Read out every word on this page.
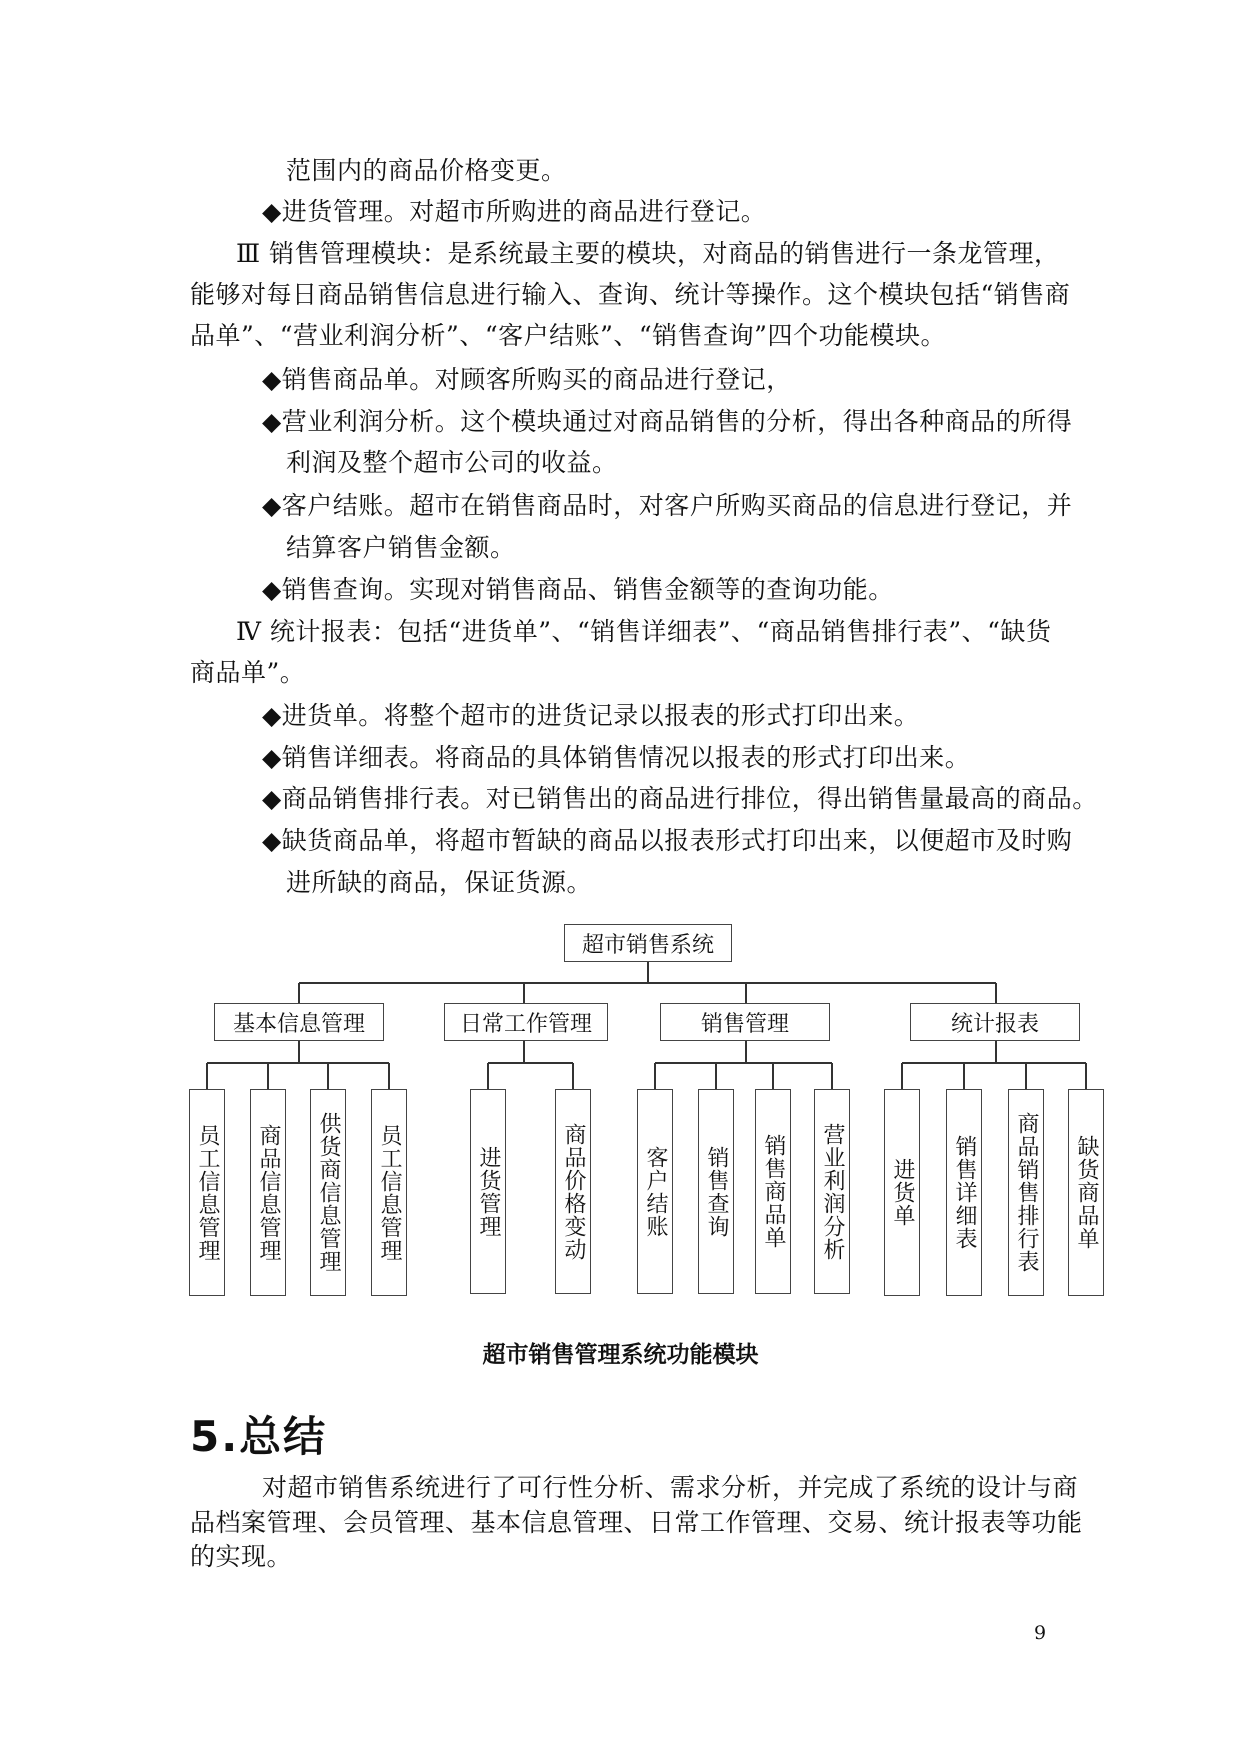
范围内的商品价格变更。
◆进货管理。对超市所购进的商品进行登记。
Ⅲ 销售管理模块：是系统最主要的模块，对商品的销售进行一条龙管理，
能够对每日商品销售信息进行输入、查询、统计等操作。这个模块包括“销售商
品单”、“营业利润分析”、“客户结账”、“销售查询”四个功能模块。
◆销售商品单。对顾客所购买的商品进行登记，
◆营业利润分析。这个模块通过对商品销售的分析，得出各种商品的所得
利润及整个超市公司的收益。
◆客户结账。超市在销售商品时，对客户所购买商品的信息进行登记，并
结算客户销售金额。
◆销售查询。实现对销售商品、销售金额等的查询功能。
Ⅳ 统计报表：包括“进货单”、“销售详细表”、“商品销售排行表”、“缺货
商品单”。
◆进货单。将整个超市的进货记录以报表的形式打印出来。
◆销售详细表。将商品的具体销售情况以报表的形式打印出来。
◆商品销售排行表。对已销售出的商品进行排位，得出销售量最高的商品。
◆缺货商品单，将超市暂缺的商品以报表形式打印出来，以便超市及时购
进所缺的商品，保证货源。
超市销售系统
基本信息管理	日常工作管理	销售管理	统计报表
员工信息管理 商品信息管理 供货商信息管理 员工信息管理	进货管理	商品价格变动	客户结账 销售查询 销售商品单 营业利润分析 进货单 销售详细表 商品销售排行表 缺货商品单
超市销售管理系统功能模块
5.总结
对超市销售系统进行了可行性分析、需求分析，并完成了系统的设计与商
品档案管理、会员管理、基本信息管理、日常工作管理、交易、统计报表等功能
的实现。
9
